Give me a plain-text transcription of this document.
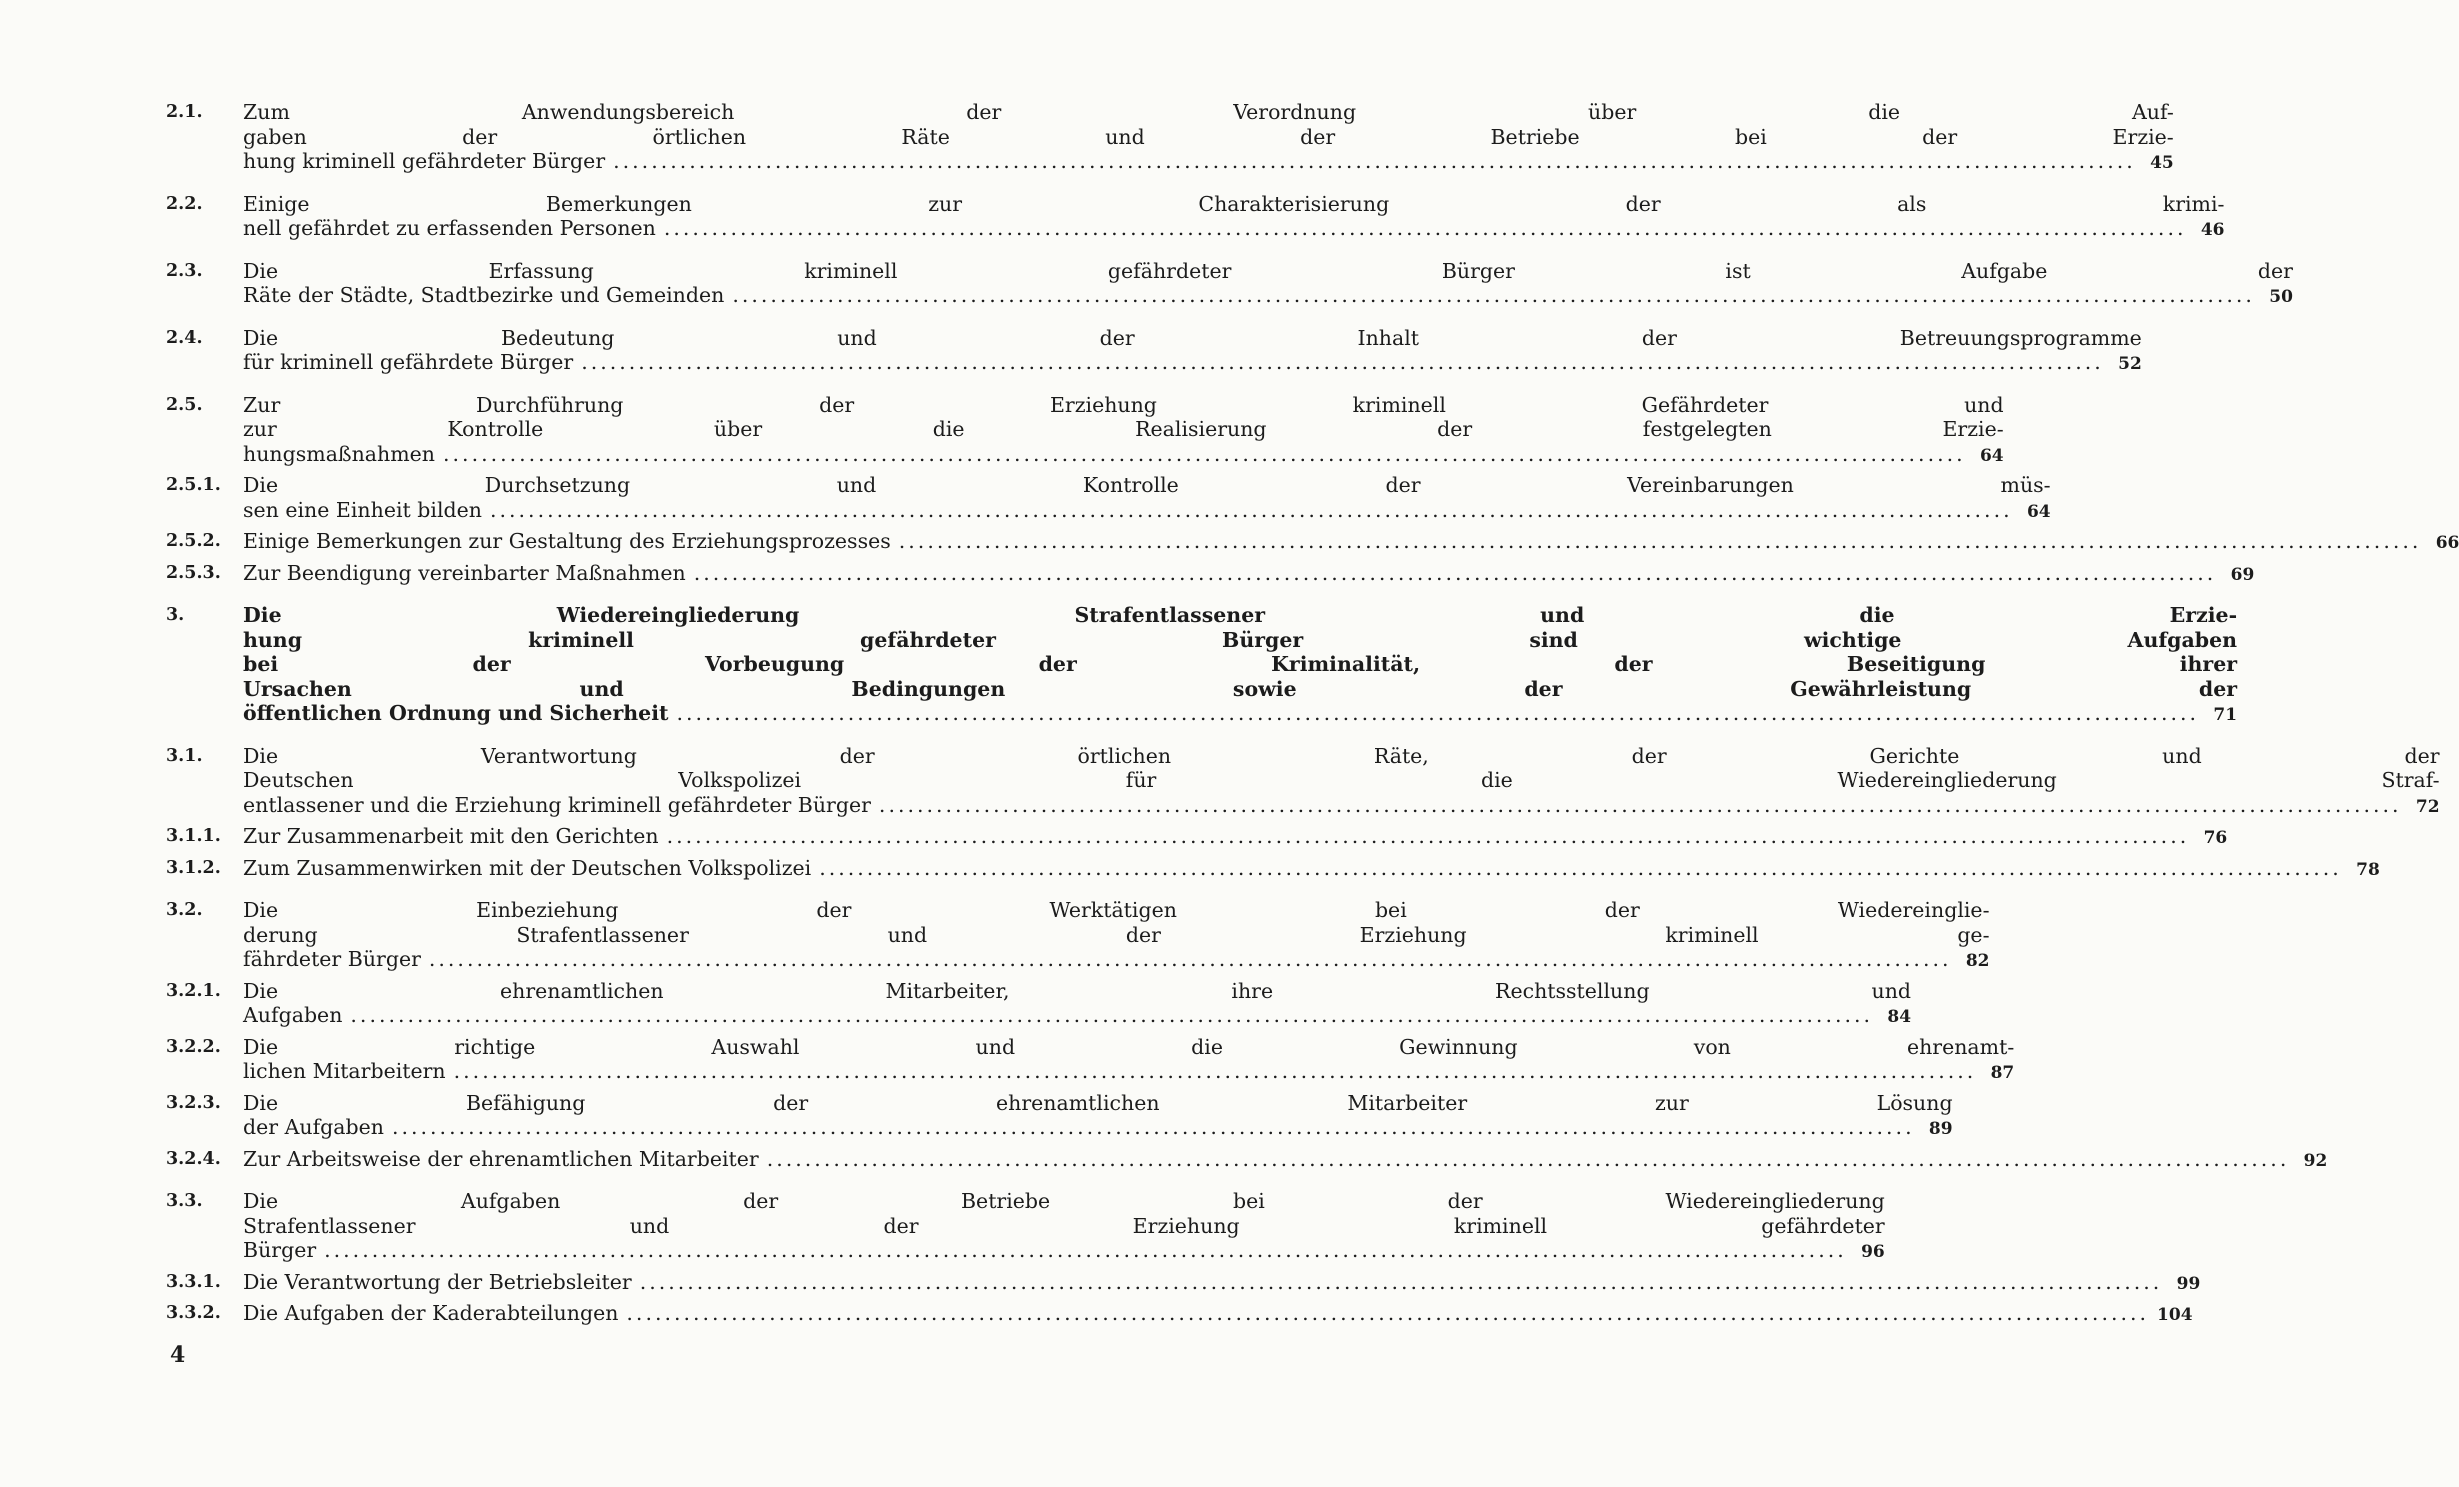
2.1.	Zum Anwendungsbereich der Verordnung über die Auf-
gaben der örtlichen Räte und der Betriebe bei der Erzie-
hung kriminell gefährdeter Bürger ................................................................................................................................................................ 45
2.2.	Einige Bemerkungen zur Charakterisierung der als krimi-
nell gefährdet zu erfassenden Personen ................................................................................................................................................................ 46
2.3.	Die Erfassung kriminell gefährdeter Bürger ist Aufgabe der
Räte der Städte, Stadtbezirke und Gemeinden ................................................................................................................................................................ 50
2.4.	Die Bedeutung und der Inhalt der Betreuungsprogramme
für kriminell gefährdete Bürger ................................................................................................................................................................ 52
2.5.	Zur Durchführung der Erziehung kriminell Gefährdeter und
zur Kontrolle über die Realisierung der festgelegten Erzie-
hungsmaßnahmen ................................................................................................................................................................ 64
2.5.1.	Die Durchsetzung und Kontrolle der Vereinbarungen müs-
sen eine Einheit bilden ................................................................................................................................................................ 64
2.5.2.	Einige Bemerkungen zur Gestaltung des Erziehungsprozesses ................................................................................................................................................................ 66
2.5.3.	Zur Beendigung vereinbarter Maßnahmen ................................................................................................................................................................ 69
3.	Die Wiedereingliederung Strafentlassener und die Erzie-
hung kriminell gefährdeter Bürger sind wichtige Aufgaben
bei der Vorbeugung der Kriminalität, der Beseitigung ihrer
Ursachen und Bedingungen sowie der Gewährleistung der
öffentlichen Ordnung und Sicherheit ................................................................................................................................................................ 71
3.1.	Die Verantwortung der örtlichen Räte, der Gerichte und der
Deutschen Volkspolizei für die Wiedereingliederung Straf-
entlassener und die Erziehung kriminell gefährdeter Bürger ................................................................................................................................................................ 72
3.1.1.	Zur Zusammenarbeit mit den Gerichten ................................................................................................................................................................ 76
3.1.2.	Zum Zusammenwirken mit der Deutschen Volkspolizei ................................................................................................................................................................ 78
3.2.	Die Einbeziehung der Werktätigen bei der Wiedereinglie-
derung Strafentlassener und der Erziehung kriminell ge-
fährdeter Bürger ................................................................................................................................................................ 82
3.2.1.	Die ehrenamtlichen Mitarbeiter, ihre Rechtsstellung und
Aufgaben ................................................................................................................................................................ 84
3.2.2.	Die richtige Auswahl und die Gewinnung von ehrenamt-
lichen Mitarbeitern ................................................................................................................................................................ 87
3.2.3.	Die Befähigung der ehrenamtlichen Mitarbeiter zur Lösung
der Aufgaben ................................................................................................................................................................ 89
3.2.4.	Zur Arbeitsweise der ehrenamtlichen Mitarbeiter ................................................................................................................................................................ 92
3.3.	Die Aufgaben der Betriebe bei der Wiedereingliederung
Strafentlassener und der Erziehung kriminell gefährdeter
Bürger ................................................................................................................................................................ 96
3.3.1.	Die Verantwortung der Betriebsleiter ................................................................................................................................................................ 99
3.3.2.	Die Aufgaben der Kaderabteilungen ................................................................................................................................................................ 104
4
